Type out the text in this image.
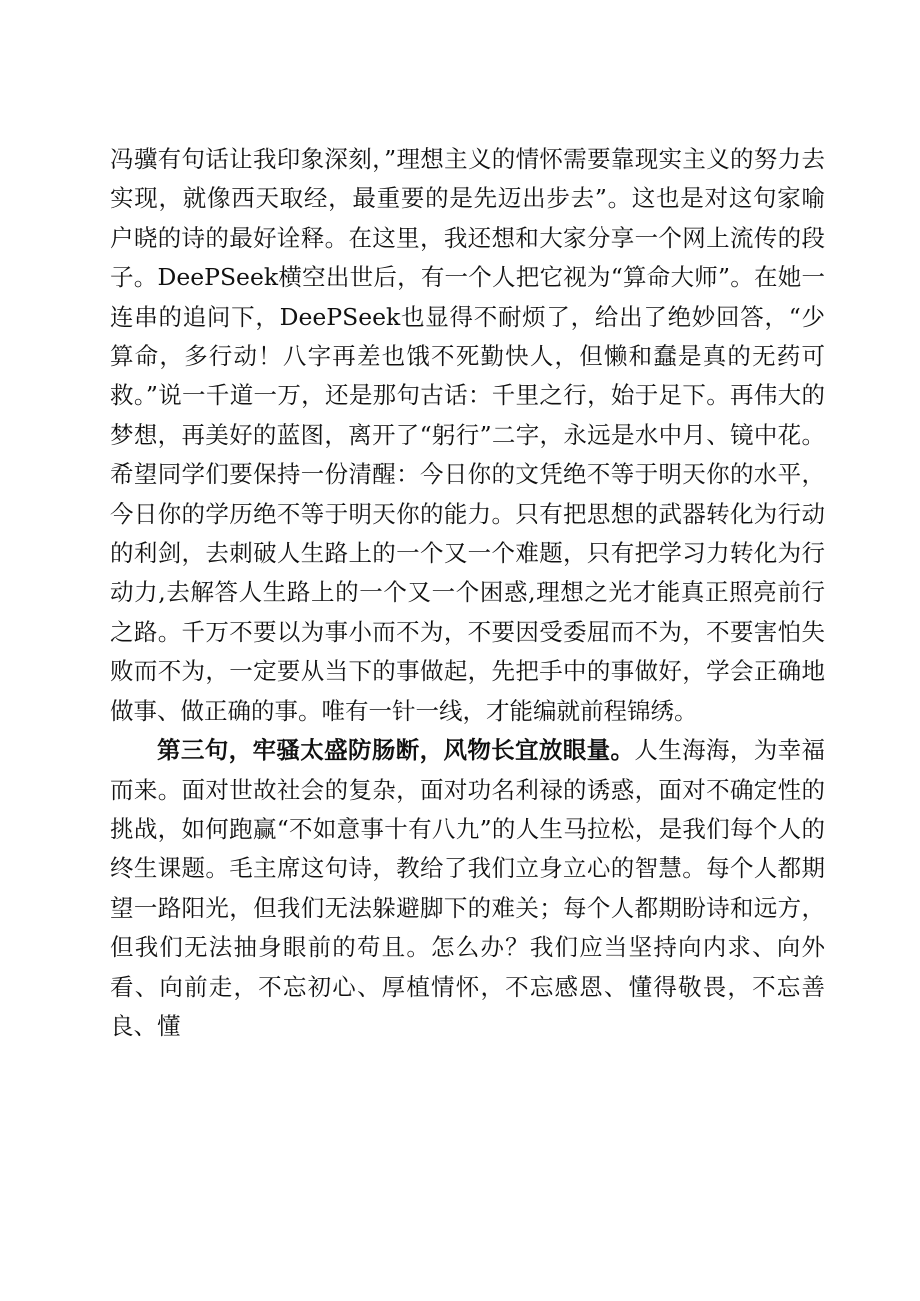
冯骥有句话让我印象深刻，”理想主义的情怀需要靠现实主义的努力去实现，就像西天取经，最重要的是先迈出步去”。这也是对这句家喻户晓的诗的最好诠释。在这里，我还想和大家分享一个网上流传的段子。DeePSeek横空出世后，有一个人把它视为“算命大师”。在她一连串的追问下，DeePSeek也显得不耐烦了，给出了绝妙回答，“少算命，多行动！八字再差也饿不死勤快人，但懒和蠢是真的无药可救。”说一千道一万，还是那句古话：千里之行，始于足下。再伟大的梦想，再美好的蓝图，离开了“躬行”二字，永远是水中月、镜中花。希望同学们要保持一份清醒：今日你的文凭绝不等于明天你的水平，今日你的学历绝不等于明天你的能力。只有把思想的武器转化为行动的利剑，去刺破人生路上的一个又一个难题，只有把学习力转化为行动力,去解答人生路上的一个又一个困惑,理想之光才能真正照亮前行之路。千万不要以为事小而不为，不要因受委屈而不为，不要害怕失败而不为，一定要从当下的事做起，先把手中的事做好，学会正确地做事、做正确的事。唯有一针一线，才能编就前程锦绣。

第三句，牢骚太盛防肠断，风物长宜放眼量。人生海海，为幸福而来。面对世故社会的复杂，面对功名利禄的诱惑，面对不确定性的挑战，如何跑赢“不如意事十有八九”的人生马拉松，是我们每个人的终生课题。毛主席这句诗，教给了我们立身立心的智慧。每个人都期望一路阳光，但我们无法躲避脚下的难关；每个人都期盼诗和远方，但我们无法抽身眼前的苟且。怎么办？我们应当坚持向内求、向外看、向前走，不忘初心、厚植情怀，不忘感恩、懂得敬畏，不忘善良、懂
